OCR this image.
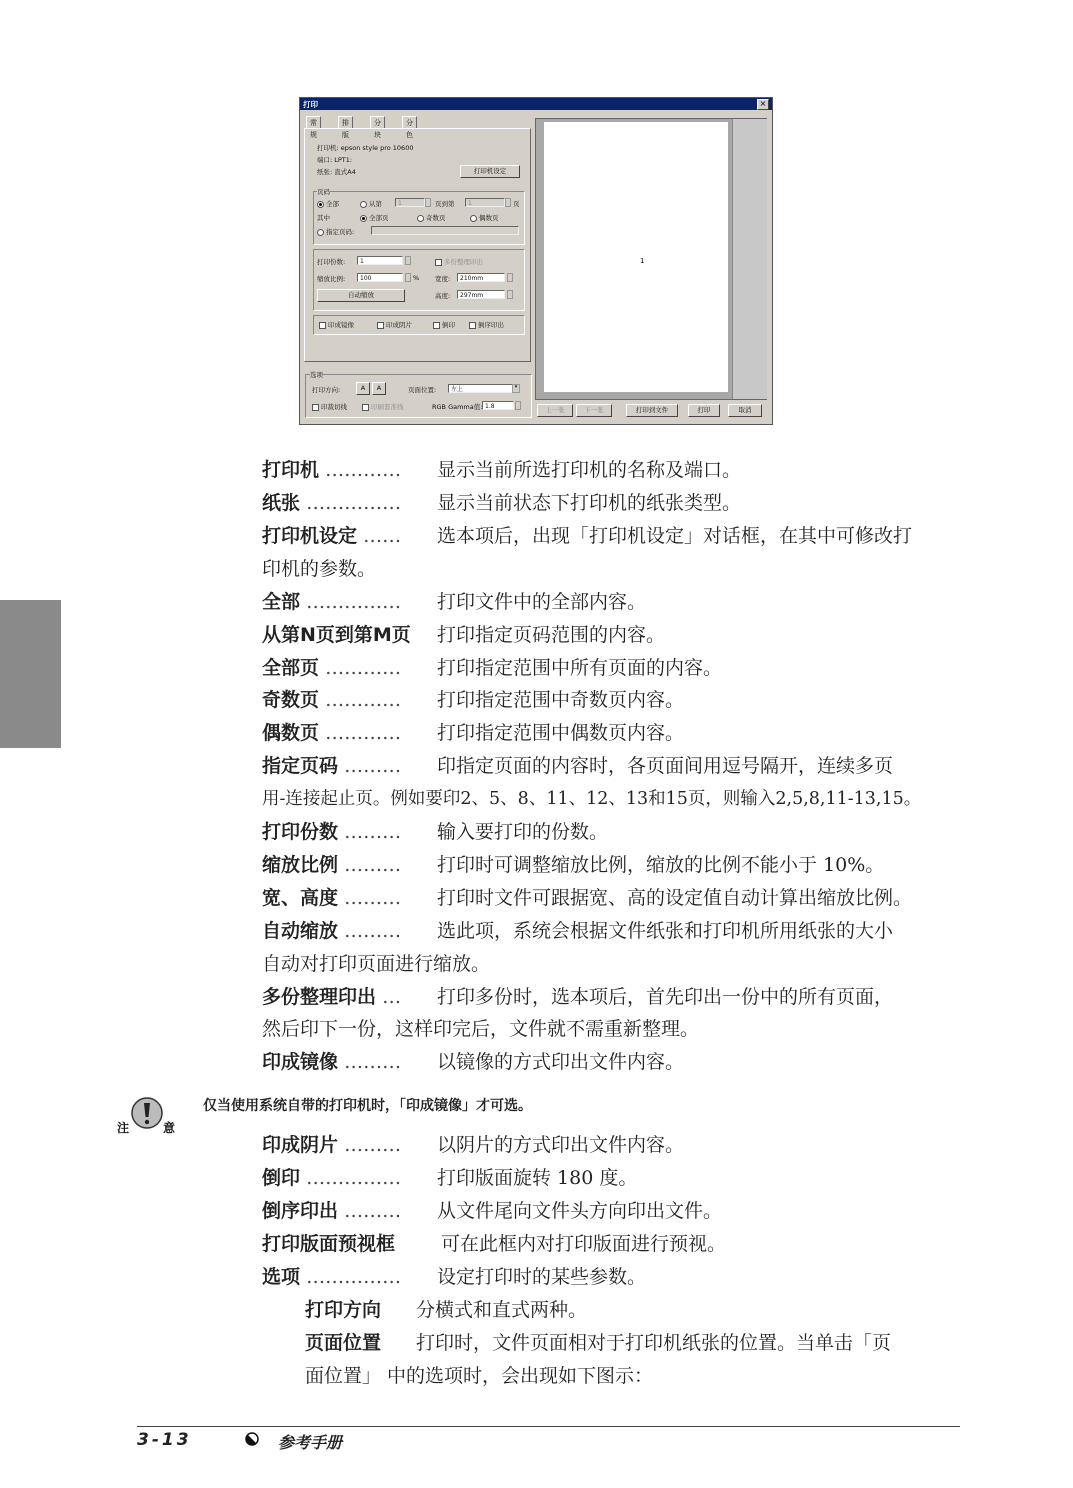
打印	×
常规
排版
分块
分色
打印机: epson style pro 10600
端口: LPT1:
纸张: 直式A4	打印机设定
页码
全部	从第	1	页到第	1	页
其中	全部页	奇数页	偶数页
指定页码:
打印份数:	1	多份整理印出
缩放比例:	100	% 宽度:	210mm
自动缩放	高度:	297mm
印成镜像	印成阴片	倒印	倒序印出
选项
打印方向:	A	A	页面位置:	左上	▾
印裁切线	印刷套准线	RGB Gamma值: 1.8
1
上一张	下一张	打印到文件	打印	取消
打印机 ………… 显示当前所选打印机的名称及端口。
纸张 …………… 显示当前状态下打印机的纸张类型。
打印机设定 …… 选本项后，出现「打印机设定」对话框，在其中可修改打
印机的参数。
全部 …………… 打印文件中的全部内容。
从第N页到第M页 打印指定页码范围的内容。
全部页 ………… 打印指定范围中所有页面的内容。
奇数页 ………… 打印指定范围中奇数页内容。
偶数页 ………… 打印指定范围中偶数页内容。
指定页码 ……… 印指定页面的内容时，各页面间用逗号隔开，连续多页
用-连接起止页。例如要印2、5、8、11、12、13和15页，则输入2,5,8,11-13,15。
打印份数 ……… 输入要打印的份数。
缩放比例 ……… 打印时可调整缩放比例，缩放的比例不能小于 10%。
宽、高度 ……… 打印时文件可跟据宽、高的设定值自动计算出缩放比例。
自动缩放 ……… 选此项，系统会根据文件纸张和打印机所用纸张的大小
自动对打印页面进行缩放。
多份整理印出 … 打印多份时，选本项后，首先印出一份中的所有页面，
然后印下一份，这样印完后，文件就不需重新整理。
印成镜像 ……… 以镜像的方式印出文件内容。
注	意
仅当使用系统自带的打印机时，「印成镜像」才可选。
印成阴片 ……… 以阴片的方式印出文件内容。
倒印 …………… 打印版面旋转 180 度。
倒序印出 ……… 从文件尾向文件头方向印出文件。
打印版面预视框 可在此框内对打印版面进行预视。
选项 …………… 设定打印时的某些参数。
打印方向 分横式和直式两种。
页面位置 打印时，文件页面相对于打印机纸张的位置。当单击「页
面位置」 中的选项时，会出现如下图示：
3-13	参考手册
